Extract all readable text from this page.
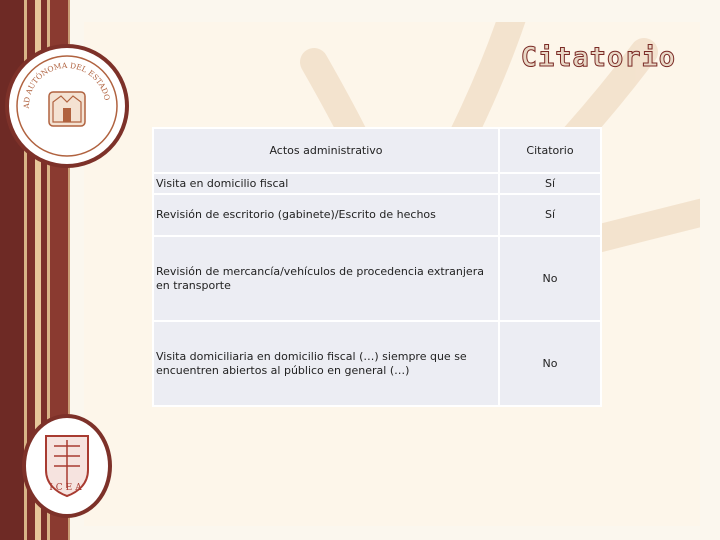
Citatorio
AD AUTÓNOMA DEL ESTADO
ICEA
Actos administrativo	Citatorio
Visita en domicilio fiscal	Sí
Revisión de escritorio (gabinete)/Escrito de hechos	Sí
Revisión de mercancía/vehículos de procedencia extranjera en transporte	No
Visita domiciliaria en domicilio fiscal (…) siempre que se encuentren abiertos al público en general (…)	No
